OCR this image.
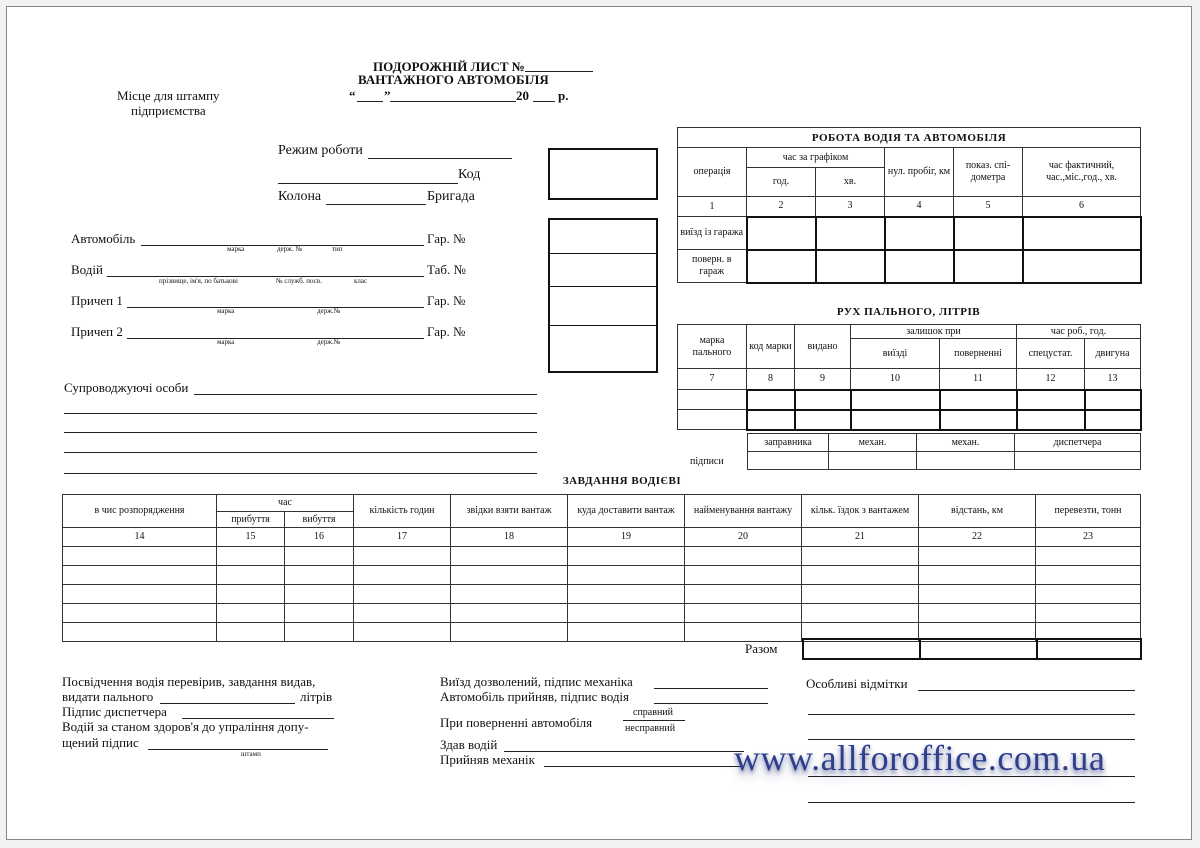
ПОДОРОЖНІЙ ЛИСТ №
ВАНТАЖНОГО АВТОМОБІЛЯ
“ ”	20 р.
Місце для штампу
підприємства
Режим роботи
Код
Колона	Бригада
Автомобіль
марка	держ. №	тип
Гар. №
Водій
прізвище, ім'я, по батькові	№ служб. посв.	клас
Таб. №
Причеп 1
марка	держ.№
Гар. №
Причеп 2
марка	держ.№
Гар. №
Супроводжуючі особи
РОБОТА ВОДІЯ ТА АВТОМОБІЛЯ					
операція	час за графіком		нул. пробіг, км	показ. спі-дометра	час фактичний, час.,міс.,год., хв.
	год.	хв.			
1	2	3	4	5	6
виїзд із гаража					
поверн. в гараж					
РУХ ПАЛЬНОГО, ЛІТРІВ
марка пального	код марки	видано	залишок при		час роб., год.	
			виїзді	поверненні	спецустат.	двигуна
7	8	9	10	11	12	13

підписи
заправника	механ.	механ.	диспетчера

ЗАВДАННЯ ВОДІЄВІ
в чис розпорядження	час		кількість годин	звідки взяти вантаж	куда доставити вантаж	найменування вантажу	кільк. їздок з вантажем	відстань, км	перевезти, тонн
	прибуття	вибуття							
14	15	16	17	18	19	20	21	22	23

Разом

Посвідчення водія перевірив, завдання видав,
видати пального	літрів
Підпис диспетчера
Водій за станом здоров'я до упраління допу-
щений підпис
штамп
Виїзд дозволений, підпис механіка
Автомобіль прийняв, підпис водія
При поверненні автомобіля
справний
несправний
Здав водій
Прийняв механік
Особливі відмітки
www.allforoffice.com.ua
